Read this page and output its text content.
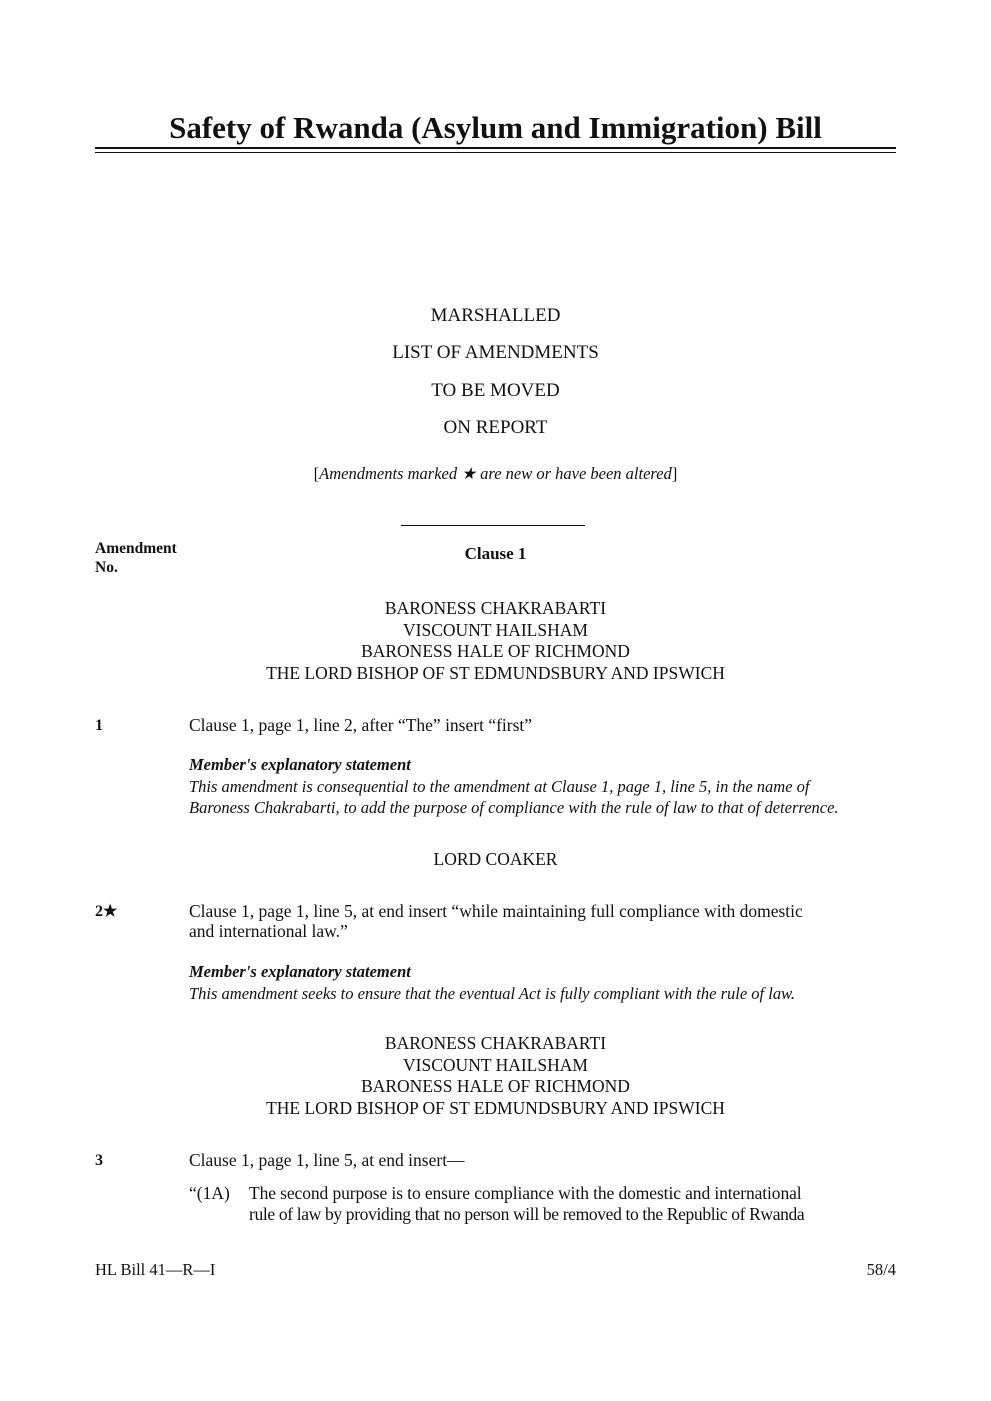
Safety of Rwanda (Asylum and Immigration) Bill
MARSHALLED
LIST OF AMENDMENTS
TO BE MOVED
ON REPORT
[Amendments marked ★ are new or have been altered]
Amendment
No.
Clause 1
BARONESS CHAKRABARTI
VISCOUNT HAILSHAM
BARONESS HALE OF RICHMOND
THE LORD BISHOP OF ST EDMUNDSBURY AND IPSWICH
1	Clause 1, page 1, line 2, after “The” insert “first”
Member's explanatory statement
This amendment is consequential to the amendment at Clause 1, page 1, line 5, in the name of
Baroness Chakrabarti, to add the purpose of compliance with the rule of law to that of deterrence.
LORD COAKER
2★	Clause 1, page 1, line 5, at end insert “while maintaining full compliance with domestic
and international law.”
Member's explanatory statement
This amendment seeks to ensure that the eventual Act is fully compliant with the rule of law.
BARONESS CHAKRABARTI
VISCOUNT HAILSHAM
BARONESS HALE OF RICHMOND
THE LORD BISHOP OF ST EDMUNDSBURY AND IPSWICH
3	Clause 1, page 1, line 5, at end insert—
“(1A) The second purpose is to ensure compliance with the domestic and international
rule of law by providing that no person will be removed to the Republic of Rwanda
HL Bill 41—R—I	58/4
